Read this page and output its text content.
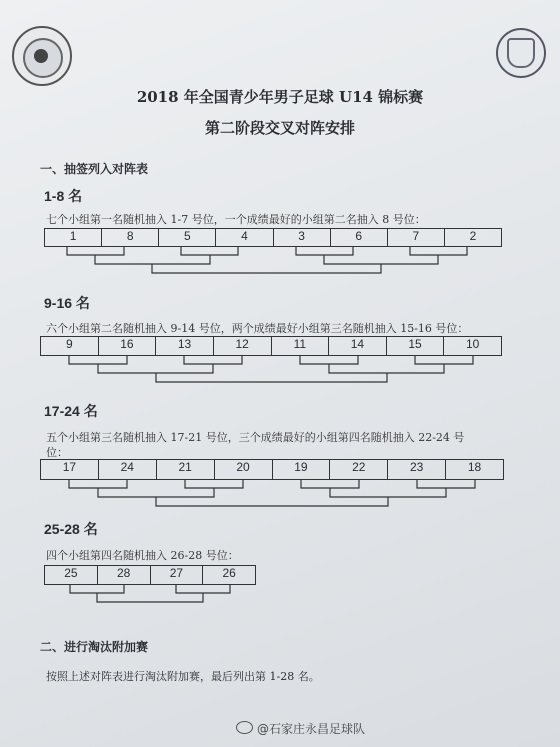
2018 年全国青少年男子足球 U14 锦标赛
第二阶段交叉对阵安排
一、抽签列入对阵表
1-8 名
七个小组第一名随机抽入 1-7 号位，一个成绩最好的小组第二名抽入 8 号位：
1	8	5	4	3	6	7	2
9-16 名
六个小组第二名随机抽入 9-14 号位，两个成绩最好小组第三名随机抽入 15-16 号位：
9	16	13	12	11	14	15	10
17-24 名
五个小组第三名随机抽入 17-21 号位，三个成绩最好的小组第四名随机抽入 22-24 号
位：
17	24	21	20	19	22	23	18
25-28 名
四个小组第四名随机抽入 26-28 号位：
25	28	27	26
二、进行淘汰附加赛
按照上述对阵表进行淘汰附加赛，最后列出第 1-28 名。
@石家庄永昌足球队
